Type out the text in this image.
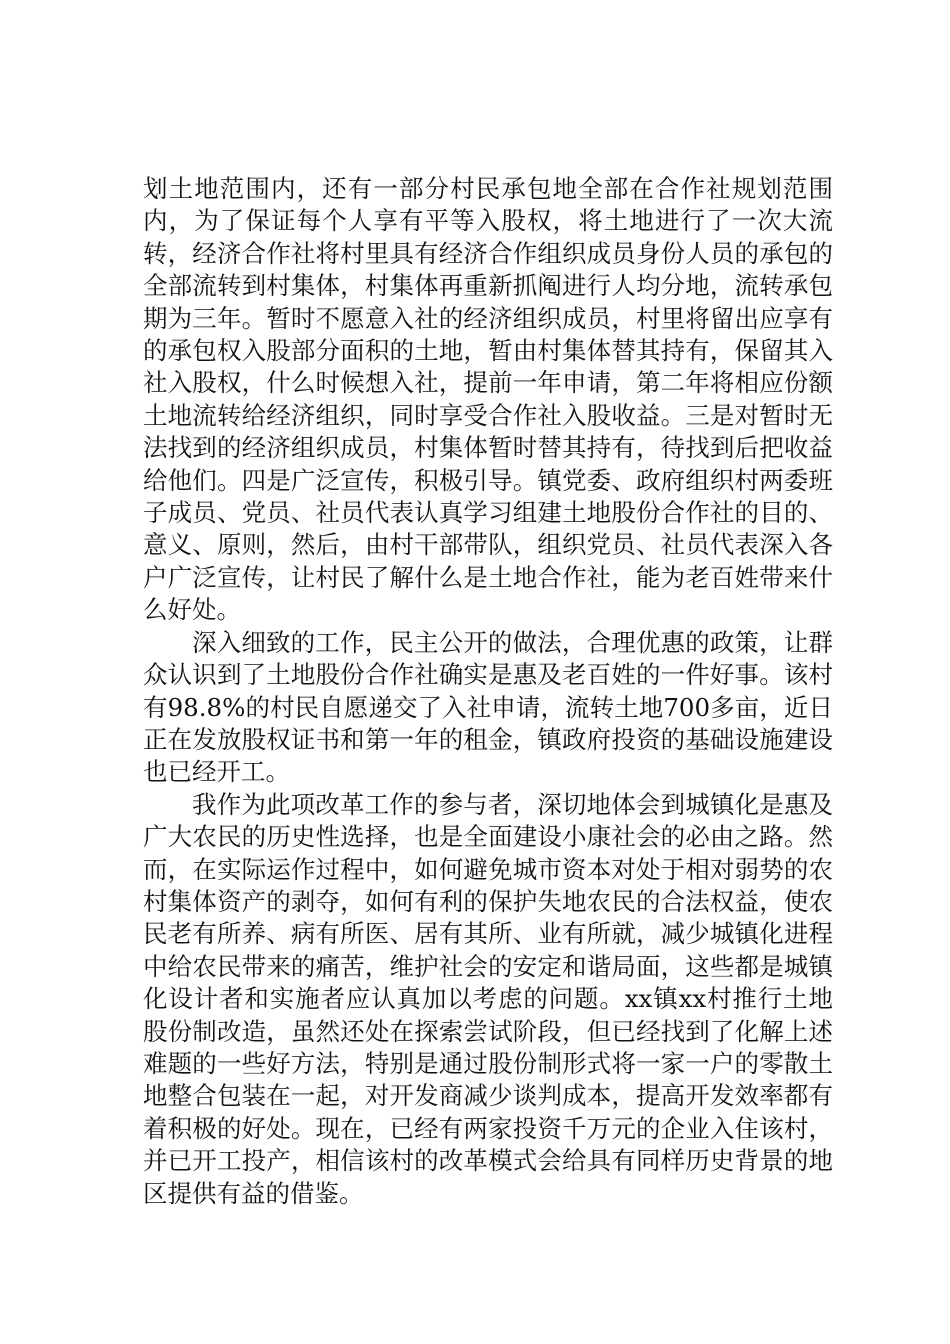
划土地范围内，还有一部分村民承包地全部在合作社规划范围内，为了保证每个人享有平等入股权，将土地进行了一次大流转，经济合作社将村里具有经济合作组织成员身份人员的承包的全部流转到村集体，村集体再重新抓阄进行人均分地，流转承包期为三年。暂时不愿意入社的经济组织成员，村里将留出应享有的承包权入股部分面积的土地，暂由村集体替其持有，保留其入社入股权，什么时候想入社，提前一年申请，第二年将相应份额土地流转给经济组织，同时享受合作社入股收益。三是对暂时无法找到的经济组织成员，村集体暂时替其持有，待找到后把收益给他们。四是广泛宣传，积极引导。镇党委、政府组织村两委班子成员、党员、社员代表认真学习组建土地股份合作社的目的、意义、原则，然后，由村干部带队，组织党员、社员代表深入各户广泛宣传，让村民了解什么是土地合作社，能为老百姓带来什么好处。

深入细致的工作，民主公开的做法，合理优惠的政策，让群众认识到了土地股份合作社确实是惠及老百姓的一件好事。该村有98.8%的村民自愿递交了入社申请，流转土地700多亩，近日正在发放股权证书和第一年的租金，镇政府投资的基础设施建设也已经开工。

我作为此项改革工作的参与者，深切地体会到城镇化是惠及广大农民的历史性选择，也是全面建设小康社会的必由之路。然而，在实际运作过程中，如何避免城市资本对处于相对弱势的农村集体资产的剥夺，如何有利的保护失地农民的合法权益，使农民老有所养、病有所医、居有其所、业有所就，减少城镇化进程中给农民带来的痛苦，维护社会的安定和谐局面，这些都是城镇化设计者和实施者应认真加以考虑的问题。xx镇xx村推行土地股份制改造，虽然还处在探索尝试阶段，但已经找到了化解上述难题的一些好方法，特别是通过股份制形式将一家一户的零散土地整合包装在一起，对开发商减少谈判成本，提高开发效率都有着积极的好处。现在，已经有两家投资千万元的企业入住该村，并已开工投产，相信该村的改革模式会给具有同样历史背景的地区提供有益的借鉴。
